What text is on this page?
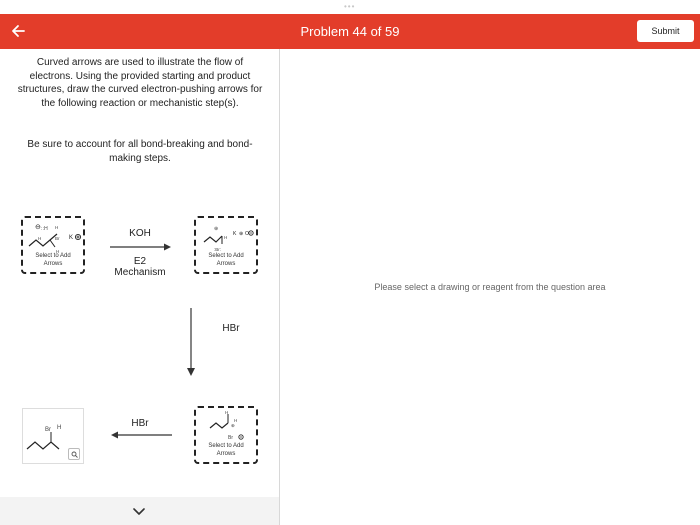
•••
Problem 44 of 59	Submit
Please select a drawing or reagent from the question area
Curved arrows are used to illustrate the flow of electrons. Using the provided starting and product structures, draw the curved electron-pushing arrows for the following reaction or mechanistic step(s).
Be sure to account for all bond-breaking and bond-making steps.
⊖ ∷H
H
H
Br
H
K
Select to Add
Arrows
KOH
E2
Mechanism
⊕
H
:Br:
K ⊕ O
Select to Add
Arrows
HBr
H
⊕
H
Br
Select to Add
Arrows
HBr
Br H
